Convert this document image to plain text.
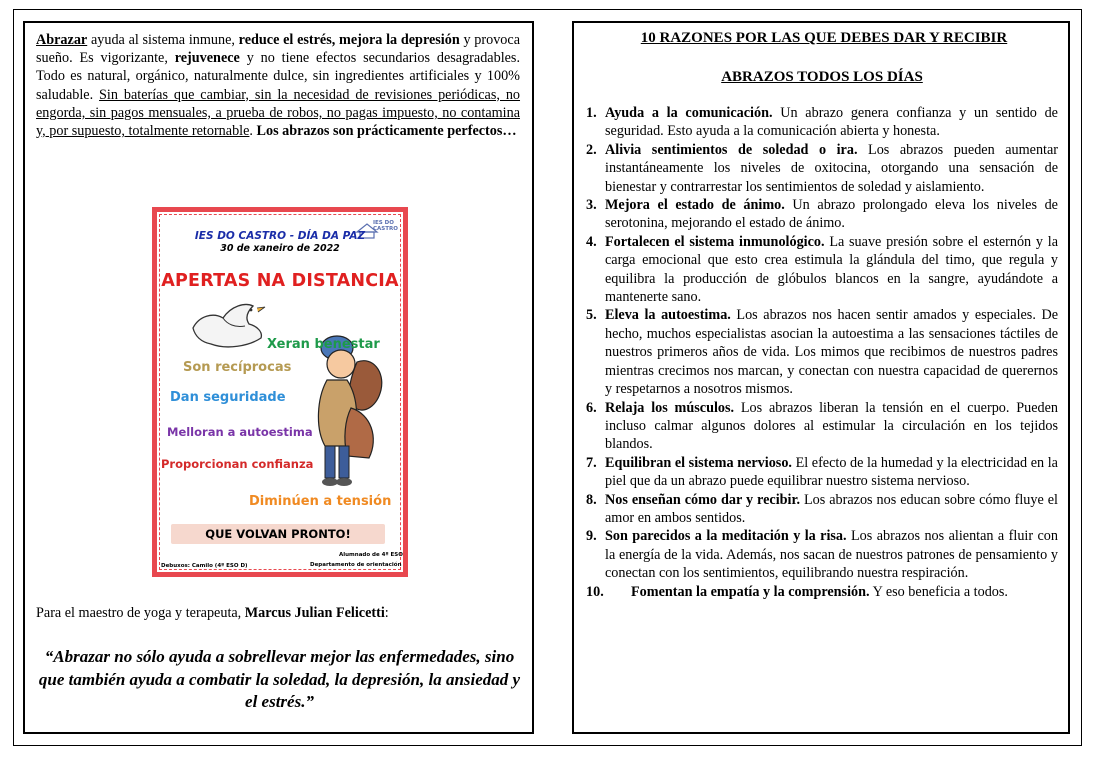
Abrazar ayuda al sistema inmune, reduce el estrés, mejora la depresión y provoca sueño. Es vigorizante, rejuvenece y no tiene efectos secundarios desagradables. Todo es natural, orgánico, naturalmente dulce, sin ingredientes artificiales y 100% saludable. Sin baterías que cambiar, sin la necesidad de revisiones periódicas, no engorda, sin pagos mensuales, a prueba de robos, no pagas impuesto, no contamina y, por supuesto, totalmente retornable. Los abrazos son prácticamente perfectos…

IES DO CASTRO
IES DO CASTRO - DÍA DA PAZ
30 de xaneiro de 2022
APERTAS NA DISTANCIA
Xeran benestar
Son recíprocas
Dan seguridade
Melloran a autoestima
Proporcionan confianza
Diminúen a tensión
QUE VOLVAN PRONTO!
Debuxos: Camilo (4º ESO D)
Alumnado de 4º ESO
Departamento de orientación
Para el maestro de yoga y terapeuta, Marcus Julian Felicetti:

“Abrazar no sólo ayuda a sobrellevar mejor las enfermedades, sino que también ayuda a combatir la soledad, la depresión, la ansiedad y el estrés.”

10 RAZONES POR LAS QUE DEBES DAR Y RECIBIR

ABRAZOS TODOS LOS DÍAS

1. Ayuda a la comunicación. Un abrazo genera confianza y un sentido de seguridad. Esto ayuda a la comunicación abierta y honesta.
2. Alivia sentimientos de soledad o ira. Los abrazos pueden aumentar instantáneamente los niveles de oxitocina, otorgando una sensación de bienestar y contrarrestar los sentimientos de soledad y aislamiento.
3. Mejora el estado de ánimo. Un abrazo prolongado eleva los niveles de serotonina, mejorando el estado de ánimo.
4. Fortalecen el sistema inmunológico. La suave presión sobre el esternón y la carga emocional que esto crea estimula la glándula del timo, que regula y equilibra la producción de glóbulos blancos en la sangre, ayudándote a mantenerte sano.
5. Eleva la autoestima. Los abrazos nos hacen sentir amados y especiales. De hecho, muchos especialistas asocian la autoestima a las sensaciones táctiles de nuestros primeros años de vida. Los mimos que recibimos de nuestros padres mientras crecimos nos marcan, y conectan con nuestra capacidad de querernos y respetarnos a nosotros mismos.
6. Relaja los músculos. Los abrazos liberan la tensión en el cuerpo. Pueden incluso calmar algunos dolores al estimular la circulación en los tejidos blandos.
7. Equilibran el sistema nervioso. El efecto de la humedad y la electricidad en la piel que da un abrazo puede equilibrar nuestro sistema nervioso.
8. Nos enseñan cómo dar y recibir. Los abrazos nos educan sobre cómo fluye el amor en ambos sentidos.
9. Son parecidos a la meditación y la risa. Los abrazos nos alientan a fluir con la energía de la vida. Además, nos sacan de nuestros patrones de pensamiento y conectan con los sentimientos, equilibrando nuestra respiración.
10. Fomentan la empatía y la comprensión. Y eso beneficia a todos.
